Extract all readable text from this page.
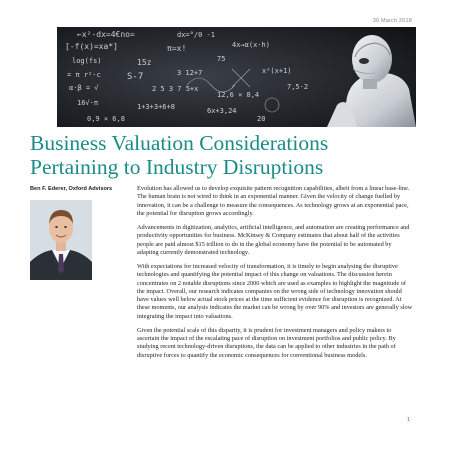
30 March 2018
←x²-dx=4€no=	dx=°/0 -1
[-f(x)=xa*]	π=x!	4x→α(x-h)
log(fs)	15z	75
= π r²·c	S-7	3 12+7	x²(x+1)
α·β = √	2 5 3 7 5+x
12,6 × 8,4
7,5·2
16√·π	1+3+3+6+8	6x+3,24
0,9 × 6,8	20
Business Valuation Considerations
Pertaining to Industry Disruptions
Ben F. Ederer, Oxford Advisors	Evolution has allowed us to develop exquisite pattern recognition capabilities, albeit from a linear base-line. The human brain is not wired to think in an exponential manner. Given the velocity of change fuelled by innovation, it can be a challenge to measure the consequences. As technology grows at an exponential pace, the potential for disruption grows accordingly.

Advancements in digitization, analytics, artificial intelligence, and automation are creating performance and productivity opportunities for business. McKinsey & Company estimates that about half of the activities people are paid almost $15 trillion to do in the global economy have the potential to be automated by adapting currently demonstrated technology.

With expectations for increased velocity of transformation, it is timely to begin analysing the disruptive technologies and quantifying the potential impact of this change on valuations. The discussion herein concentrates on 2 notable disruptions since 2000 which are used as examples to highlight the magnitude of the impact. Overall, our research indicates companies on the wrong side of technology innovation should have values well below actual stock prices at the time sufficient evidence for disruption is recognized. At these moments, our analysis indicates the market can be wrong by over 90% and investors are generally slow integrating the impact into valuations.

Given the potential scale of this disparity, it is prudent for investment managers and policy makers to ascertain the impact of the escalating pace of disruption on investment portfolios and public policy. By studying recent technology-driven disruptions, the data can be applied to other industries in the path of disruptive forces to quantify the economic consequences for conventional business models.

1
